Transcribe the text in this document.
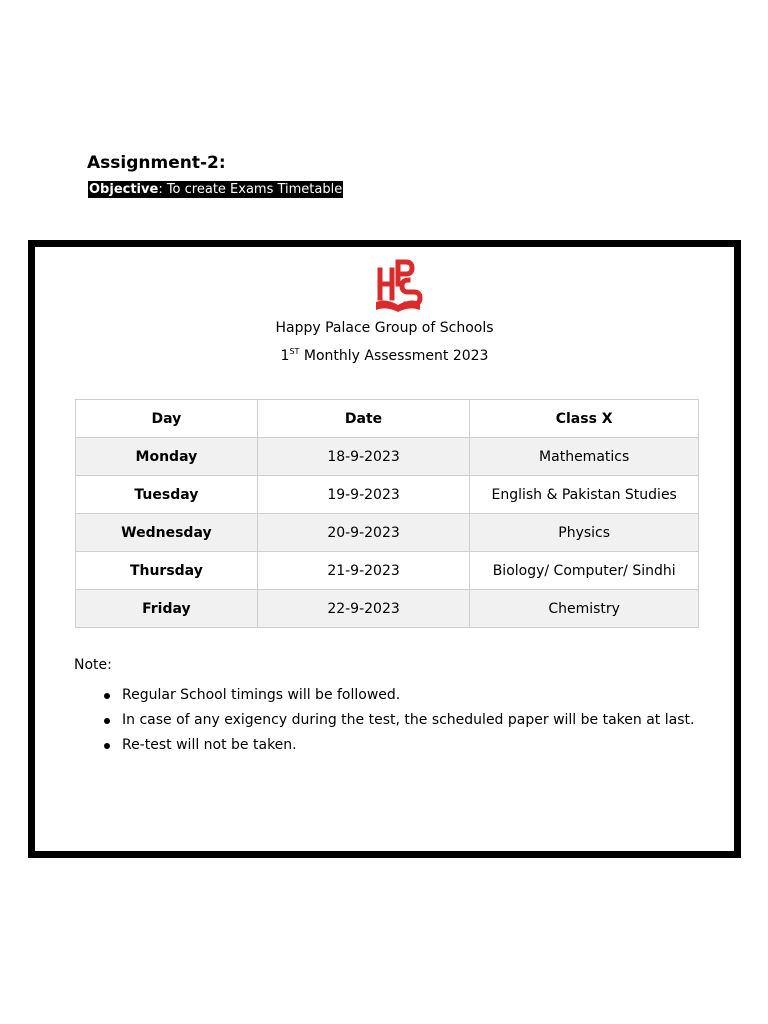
Assignment-2:
Objective: To create Exams Timetable
Happy Palace Group of Schools
1ST Monthly Assessment 2023
Day	Date	Class X
Monday	18-9-2023	Mathematics
Tuesday	19-9-2023	English & Pakistan Studies
Wednesday	20-9-2023	Physics
Thursday	21-9-2023	Biology/ Computer/ Sindhi
Friday	22-9-2023	Chemistry
Note:
Regular School timings will be followed.
In case of any exigency during the test, the scheduled paper will be taken at last.
Re-test will not be taken.
